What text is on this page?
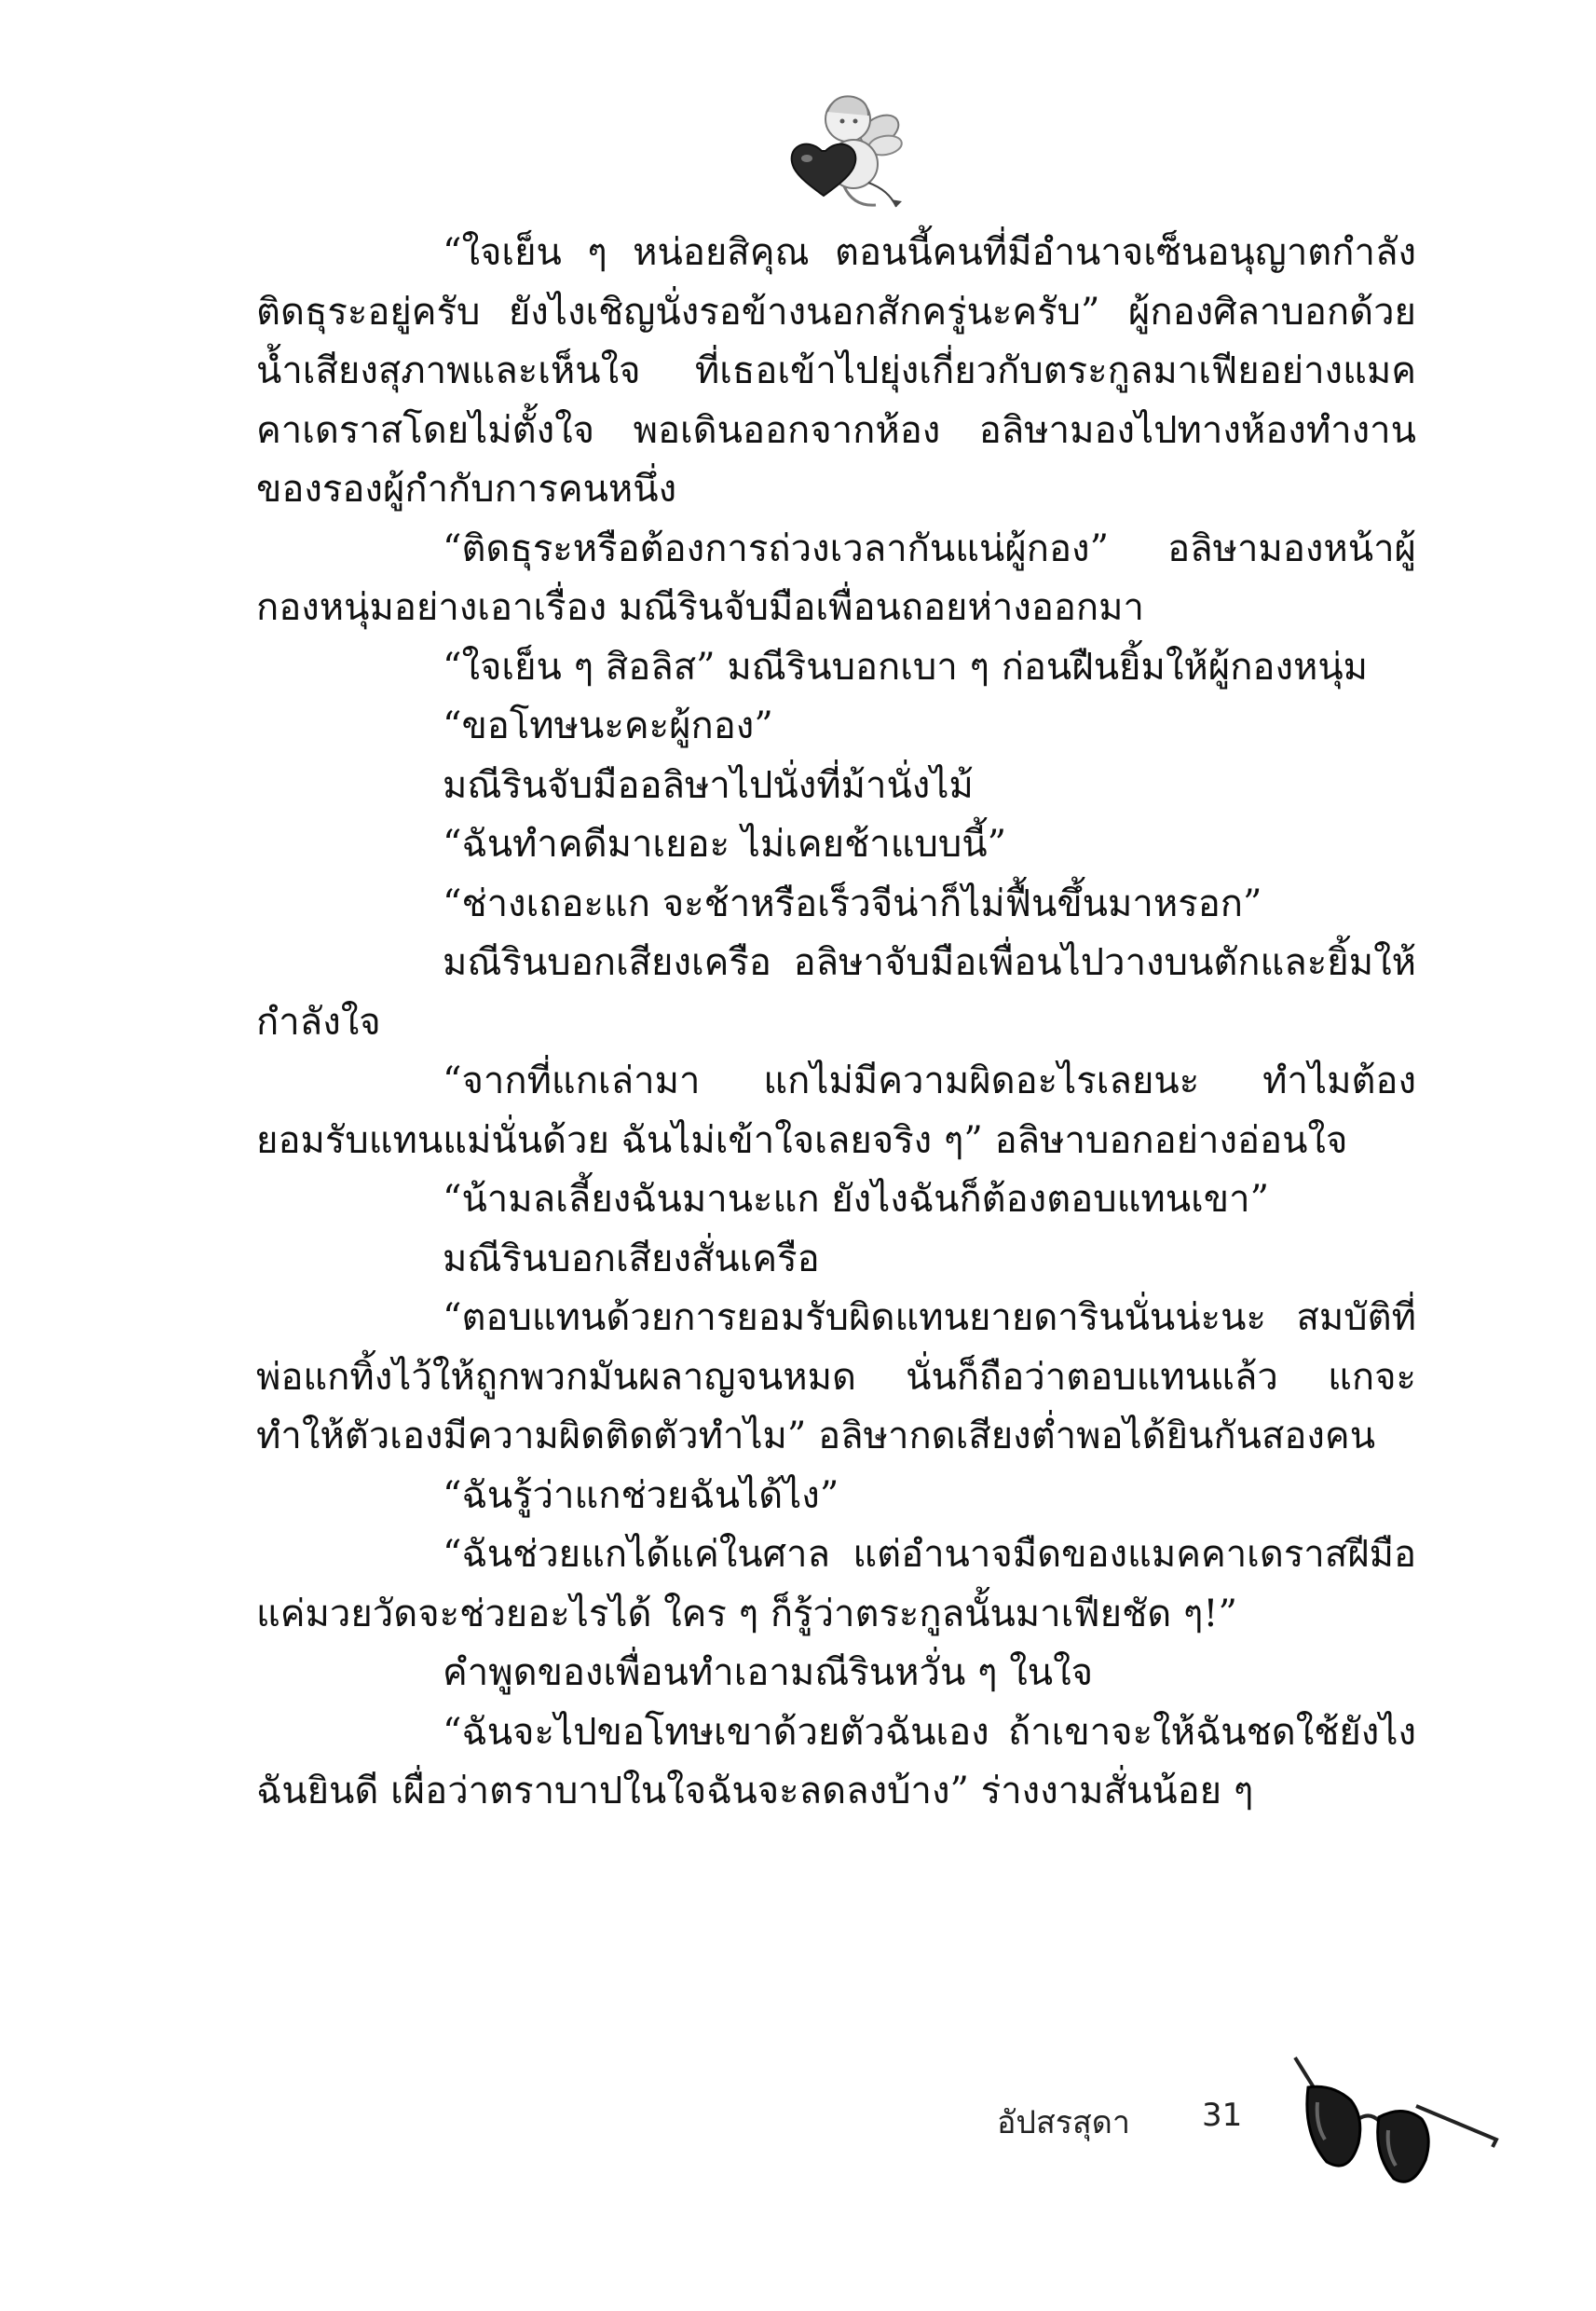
“ใจเย็น ๆ หน่อยสิคุณ ตอนนี้คนที่มีอำนาจเซ็นอนุญาตกำลังติดธุระอยู่ครับ ยังไงเชิญนั่งรอข้างนอกสักครู่นะครับ” ผู้กองศิลาบอกด้วยน้ำเสียงสุภาพและเห็นใจ ที่เธอเข้าไปยุ่งเกี่ยวกับตระกูลมาเฟียอย่างแมคคาเดราสโดยไม่ตั้งใจ พอเดินออกจากห้อง อลิษามองไปทางห้องทำงานของรองผู้กำกับการคนหนึ่ง

“ติดธุระหรือต้องการถ่วงเวลากันแน่ผู้กอง” อลิษามองหน้าผู้กองหนุ่มอย่างเอาเรื่อง มณีรินจับมือเพื่อนถอยห่างออกมา

“ใจเย็น ๆ สิอลิส” มณีรินบอกเบา ๆ ก่อนฝืนยิ้มให้ผู้กองหนุ่ม

“ขอโทษนะคะผู้กอง”

มณีรินจับมืออลิษาไปนั่งที่ม้านั่งไม้

“ฉันทำคดีมาเยอะ ไม่เคยช้าแบบนี้”

“ช่างเถอะแก จะช้าหรือเร็วจีน่าก็ไม่ฟื้นขึ้นมาหรอก”

มณีรินบอกเสียงเครือ อลิษาจับมือเพื่อนไปวางบนตักและยิ้มให้กำลังใจ

“จากที่แกเล่ามา แกไม่มีความผิดอะไรเลยนะ ทำไมต้องยอมรับแทนแม่นั่นด้วย ฉันไม่เข้าใจเลยจริง ๆ” อลิษาบอกอย่างอ่อนใจ

“น้ามลเลี้ยงฉันมานะแก ยังไงฉันก็ต้องตอบแทนเขา”

มณีรินบอกเสียงสั่นเครือ

“ตอบแทนด้วยการยอมรับผิดแทนยายดารินนั่นน่ะนะ สมบัติที่พ่อแกทิ้งไว้ให้ถูกพวกมันผลาญจนหมด นั่นก็ถือว่าตอบแทนแล้ว แกจะทำให้ตัวเองมีความผิดติดตัวทำไม” อลิษากดเสียงต่ำพอได้ยินกันสองคน

“ฉันรู้ว่าแกช่วยฉันได้ไง”

“ฉันช่วยแกได้แค่ในศาล แต่อำนาจมืดของแมคคาเดราสฝีมือแค่มวยวัดจะช่วยอะไรได้ ใคร ๆ ก็รู้ว่าตระกูลนั้นมาเฟียชัด ๆ!”

คำพูดของเพื่อนทำเอามณีรินหวั่น ๆ ในใจ

“ฉันจะไปขอโทษเขาด้วยตัวฉันเอง ถ้าเขาจะให้ฉันชดใช้ยังไงฉันยินดี เผื่อว่าตราบาปในใจฉันจะลดลงบ้าง” ร่างงามสั่นน้อย ๆ

อัปสรสุดา 31
